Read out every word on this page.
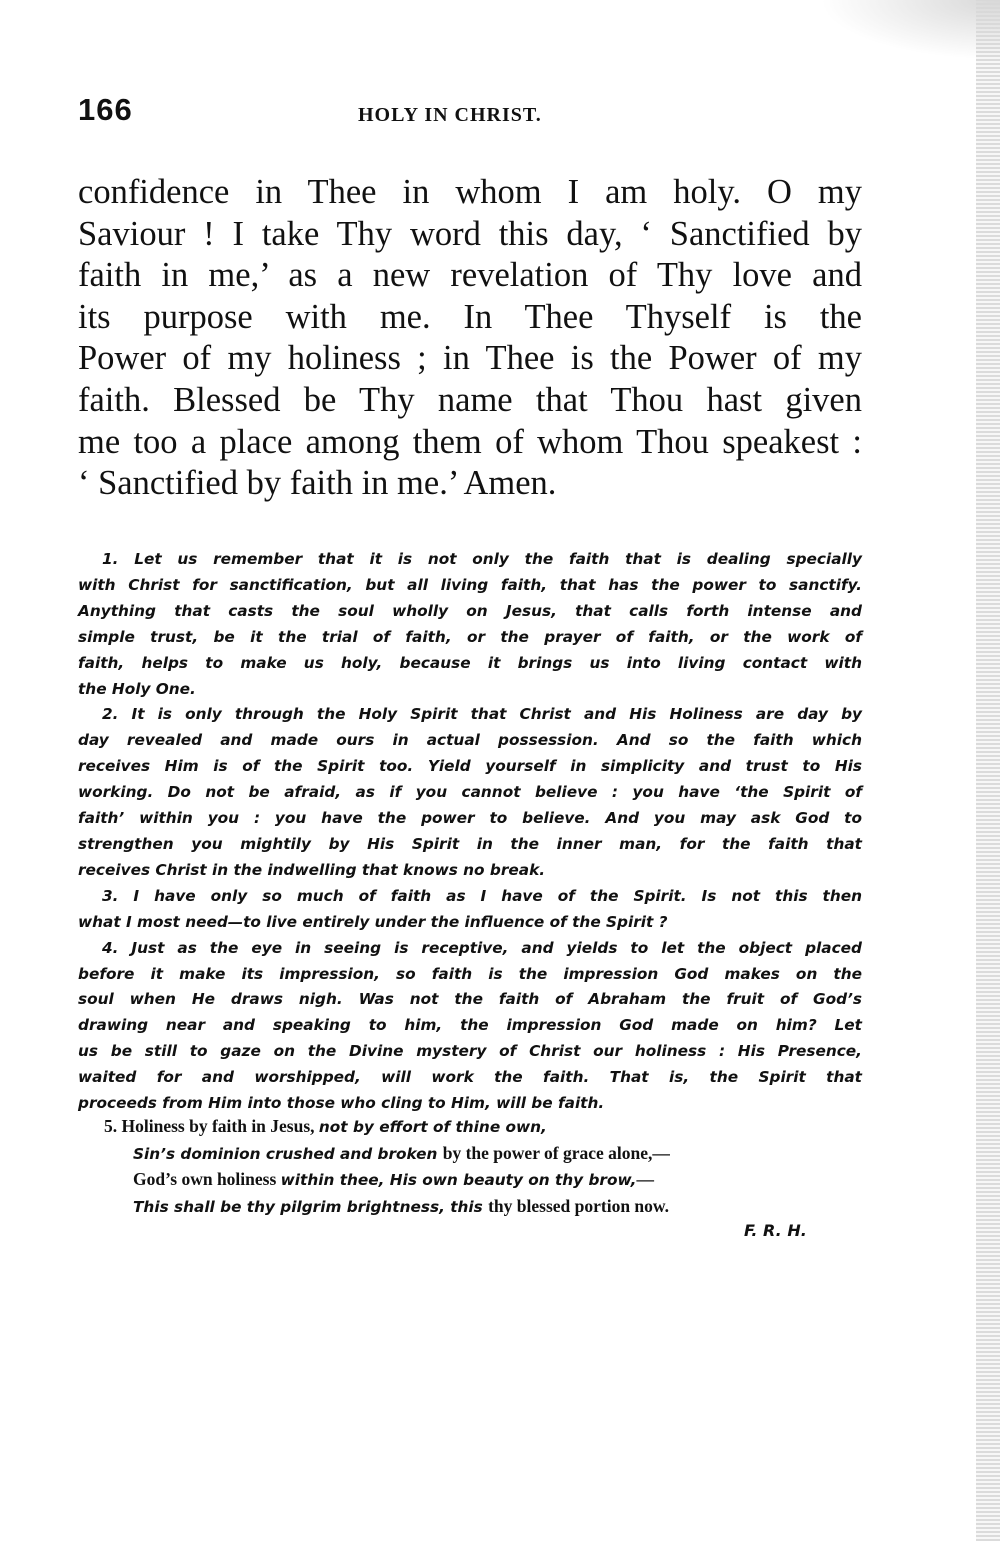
166	HOLY IN CHRIST.
confidence in Thee in whom I am holy. O my
Saviour ! I take Thy word this day, ‘ Sanctified by
faith in me,’ as a new revelation of Thy love and
its purpose with me. In Thee Thyself is the
Power of my holiness ; in Thee is the Power of my
faith. Blessed be Thy name that Thou hast given
me too a place among them of whom Thou speakest :
‘ Sanctified by faith in me.’ Amen.
1. Let us remember that it is not only the faith that is dealing specially
with Christ for sanctification, but all living faith, that has the power to sanctify.
Anything that casts the soul wholly on Jesus, that calls forth intense and
simple trust, be it the trial of faith, or the prayer of faith, or the work of
faith, helps to make us holy, because it brings us into living contact with
the Holy One.
2. It is only through the Holy Spirit that Christ and His Holiness are day by
day revealed and made ours in actual possession. And so the faith which
receives Him is of the Spirit too. Yield yourself in simplicity and trust to His
working. Do not be afraid, as if you cannot believe : you have ‘the Spirit of
faith’ within you : you have the power to believe. And you may ask God to
strengthen you mightily by His Spirit in the inner man, for the faith that
receives Christ in the indwelling that knows no break.
3. I have only so much of faith as I have of the Spirit. Is not this then
what I most need—to live entirely under the influence of the Spirit ?
4. Just as the eye in seeing is receptive, and yields to let the object placed
before it make its impression, so faith is the impression God makes on the
soul when He draws nigh. Was not the faith of Abraham the fruit of God’s
drawing near and speaking to him, the impression God made on him? Let
us be still to gaze on the Divine mystery of Christ our holiness : His Presence,
waited for and worshipped, will work the faith. That is, the Spirit that
proceeds from Him into those who cling to Him, will be faith.
5. Holiness by faith in Jesus, not by effort of thine own,
Sin’s dominion crushed and broken by the power of grace alone,—
God’s own holiness within thee, His own beauty on thy brow,—
This shall be thy pilgrim brightness, this thy blessed portion now.
F. R. H.
